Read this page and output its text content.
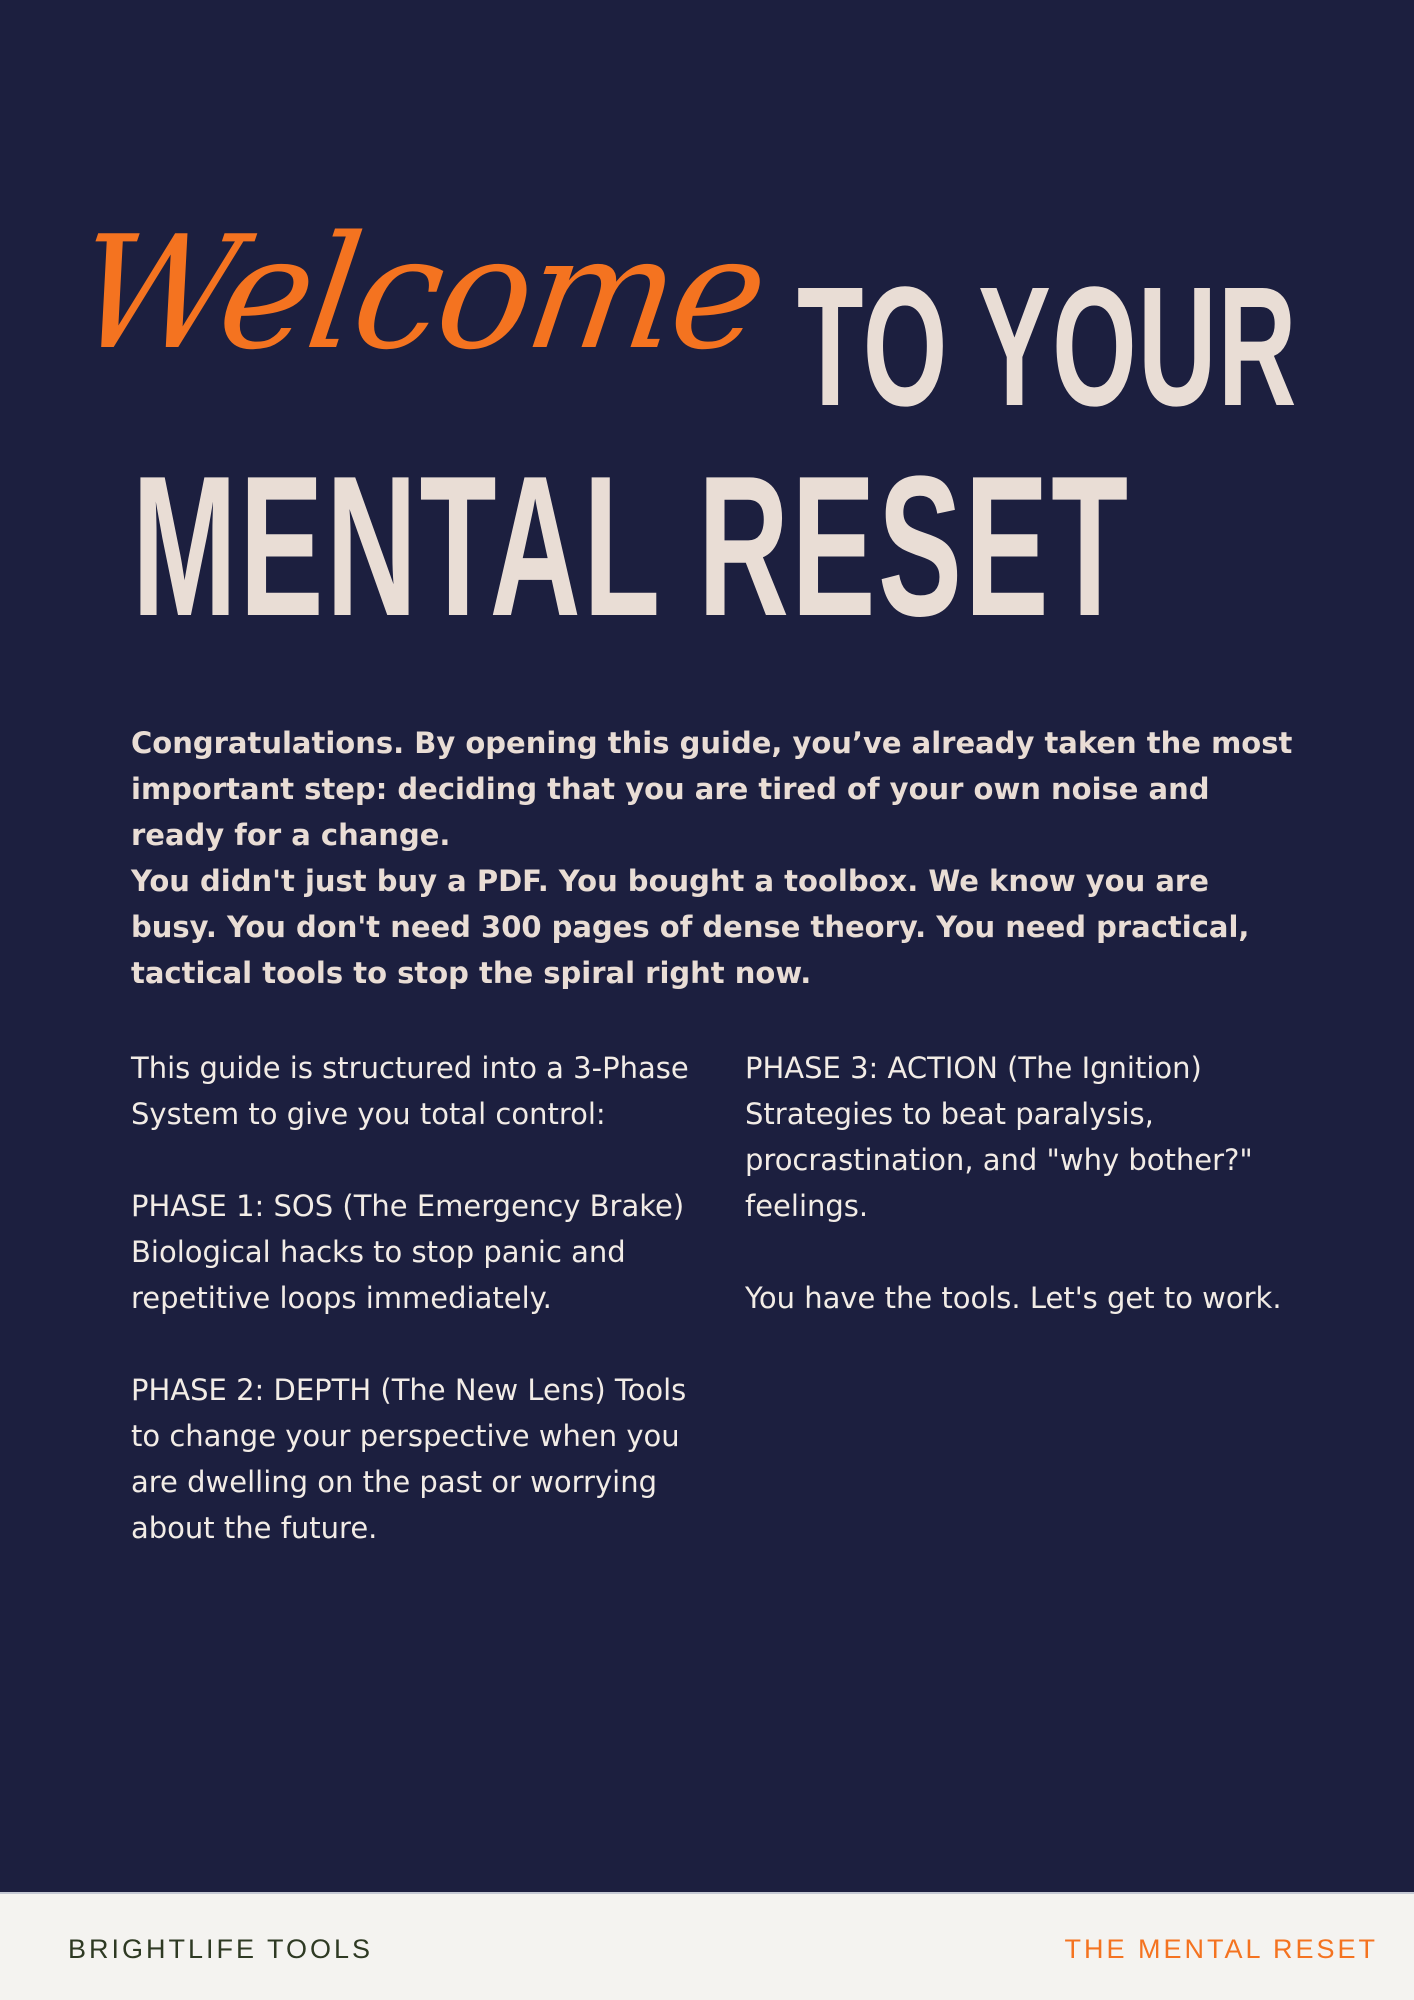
Welcome TO YOUR
MENTAL RESET

Congratulations. By opening this guide, you’ve already taken the most important step: deciding that you are tired of your own noise and ready for a change.

You didn't just buy a PDF. You bought a toolbox. We know you are busy. You don't need 300 pages of dense theory. You need practical, tactical tools to stop the spiral right now.

This guide is structured into a 3-Phase System to give you total control:

PHASE 1: SOS (The Emergency Brake) Biological hacks to stop panic and repetitive loops immediately.

PHASE 2: DEPTH (The New Lens) Tools to change your perspective when you are dwelling on the past or worrying about the future.

PHASE 3: ACTION (The Ignition) Strategies to beat paralysis, procrastination, and "why bother?" feelings.

You have the tools. Let's get to work.

BRIGHTLIFE TOOLS	THE MENTAL RESET
